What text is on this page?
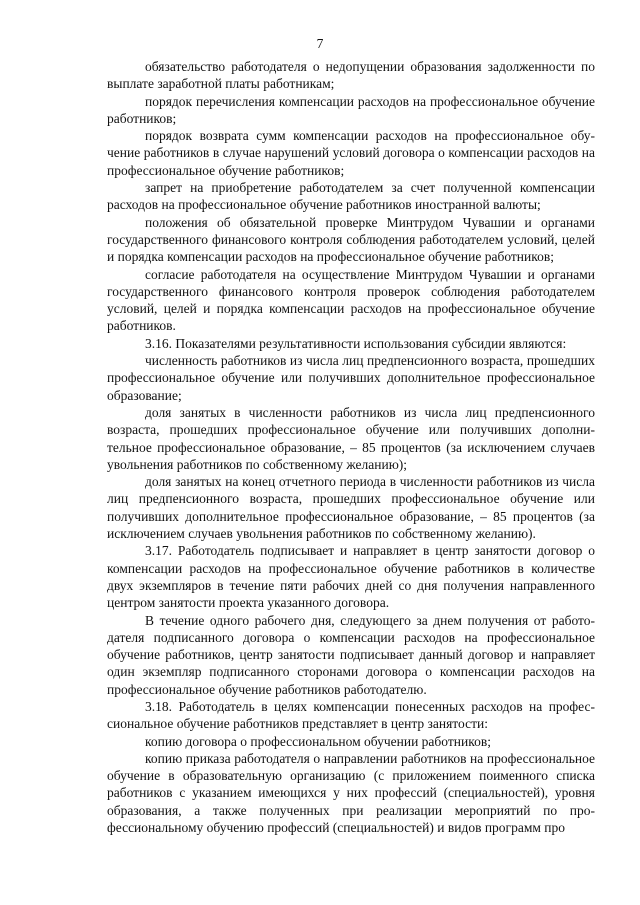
7

обязательство работодателя о недопущении образования задолженности по выплате заработной платы работникам;

порядок перечисления компенсации расходов на профессиональное обучение работников;

порядок возврата сумм компенсации расходов на профессиональное обучение работников в случае нарушений условий договора о компенсации расходов на профессиональное обучение работников;

запрет на приобретение работодателем за счет полученной компенсации расходов на профессиональное обучение работников иностранной валюты;

положения об обязательной проверке Минтрудом Чувашии и органами государственного финансового контроля соблюдения работодателем условий, целей и порядка компенсации расходов на профессиональное обучение работников;

согласие работодателя на осуществление Минтрудом Чувашии и органами государственного финансового контроля проверок соблюдения работодателем условий, целей и порядка компенсации расходов на профессиональное обучение работников.

3.16. Показателями результативности использования субсидии являются:

численность работников из числа лиц предпенсионного возраста, прошедших профессиональное обучение или получивших дополнительное профессиональное образование;

доля занятых в численности работников из числа лиц предпенсионного возраста, прошедших профессиональное обучение или получивших дополнительное профессиональное образование, – 85 процентов (за исключением случаев увольнения работников по собственному желанию);

доля занятых на конец отчетного периода в численности работников из числа лиц предпенсионного возраста, прошедших профессиональное обучение или получивших дополнительное профессиональное образование, – 85 процентов (за исключением случаев увольнения работников по собственному желанию).

3.17. Работодатель подписывает и направляет в центр занятости договор о компенсации расходов на профессиональное обучение работников в количестве двух экземпляров в течение пяти рабочих дней со дня получения направленного центром занятости проекта указанного договора.

В течение одного рабочего дня, следующего за днем получения от работодателя подписанного договора о компенсации расходов на профессиональное обучение работников, центр занятости подписывает данный договор и направляет один экземпляр подписанного сторонами договора о компенсации расходов на профессиональное обучение работников работодателю.

3.18. Работодатель в целях компенсации понесенных расходов на профессиональное обучение работников представляет в центр занятости:

копию договора о профессиональном обучении работников;

копию приказа работодателя о направлении работников на профессиональное обучение в образовательную организацию (с приложением поименного списка работников с указанием имеющихся у них профессий (специальностей), уровня образования, а также полученных при реализации мероприятий по профессиональному обучению профессий (специальностей) и видов программ про
